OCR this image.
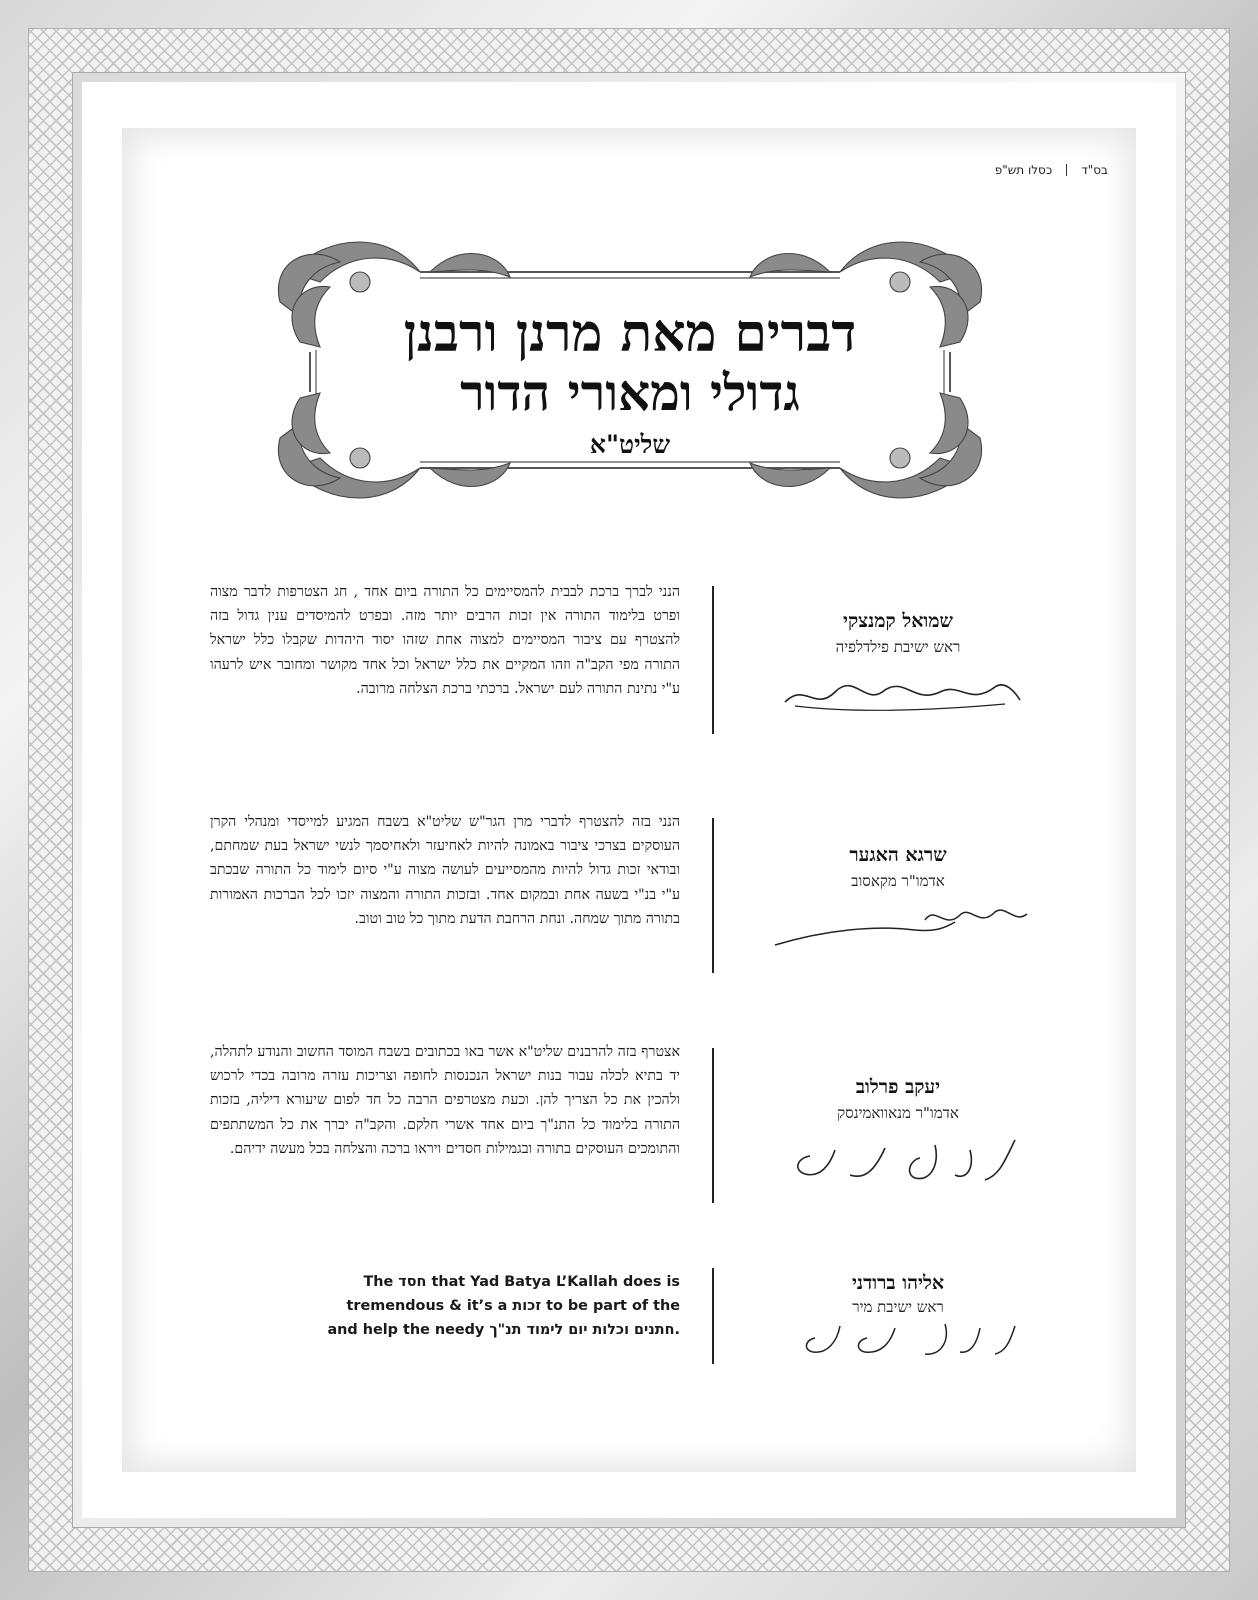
בס"ד
כסלו תש"פ
דברים מאת מרנן ורבנן
גדולי ומאורי הדור
שליט"א
הנני לברך ברכת לבבית להמסיימים כל התורה ביום אחד , חג הצטרפות לדבר מצוה ופרט בלימוד התורה אין זכות הרבים יותר מזה. ובפרט להמיסדים ענין גדול בזה להצטרף עם ציבור המסיימים למצוה אחת שזהו יסוד היהדות שקבלו כלל ישראל התורה מפי הקב"ה וזהו המקיים את כלל ישראל וכל אחד מקושר ומחובר איש לרעהו ע"י נתינת התורה לעם ישראל. ברכתי ברכת הצלחה מרובה.
שמואל קמנצקי
ראש ישיבת פילדלפיה
הנני בזה להצטרף לדברי מרן הגר"ש שליט"א בשבח המגיע למייסדי ומנהלי הקרן העוסקים בצרכי ציבור באמונה להיות לאחיעזר ולאחיסמך לנשי ישראל בעת שמחתם, ובודאי זכות גדול להיות מהמסייעים לעושה מצוה ע"י סיום לימוד כל התורה שבכתב ע"י בנ"י בשעה אחת ובמקום אחד. ובזכות התורה והמצוה יזכו לכל הברכות האמורות בתורה מתוך שמחה. ונחת הרחבת הדעת מתוך כל טוב וטוב.
שרגא האגער
אדמו"ר מקאסוב
אצטרף בזה להרבנים שליט"א אשר באו בכתובים בשבח המוסד החשוב והנודע לתהלה, יד בתיא לכלה עבור בנות ישראל הנכנסות לחופה וצריכות עזרה מרובה בכדי לרכוש ולהכין את כל הצריך להן. וכעת מצטרפים הרבה כל חד לפום שיעורא דיליה, בזכות התורה בלימוד כל התנ"ך ביום אחד אשרי חלקם. והקב"ה יברך את כל המשתתפים והתומכים העוסקים בתורה ובגמילות חסדים ויראו ברכה והצלחה בכל מעשה ידיהם.
יעקב פרלוב
אדמו"ר מנאוואמינסק
The חסד that Yad Batya L’Kallah does is
tremendous & it’s a זכות to be part of the
and help the needy חתנים וכלות יום לימוד תנ"ך.
אליהו ברודני
ראש ישיבת מיר
